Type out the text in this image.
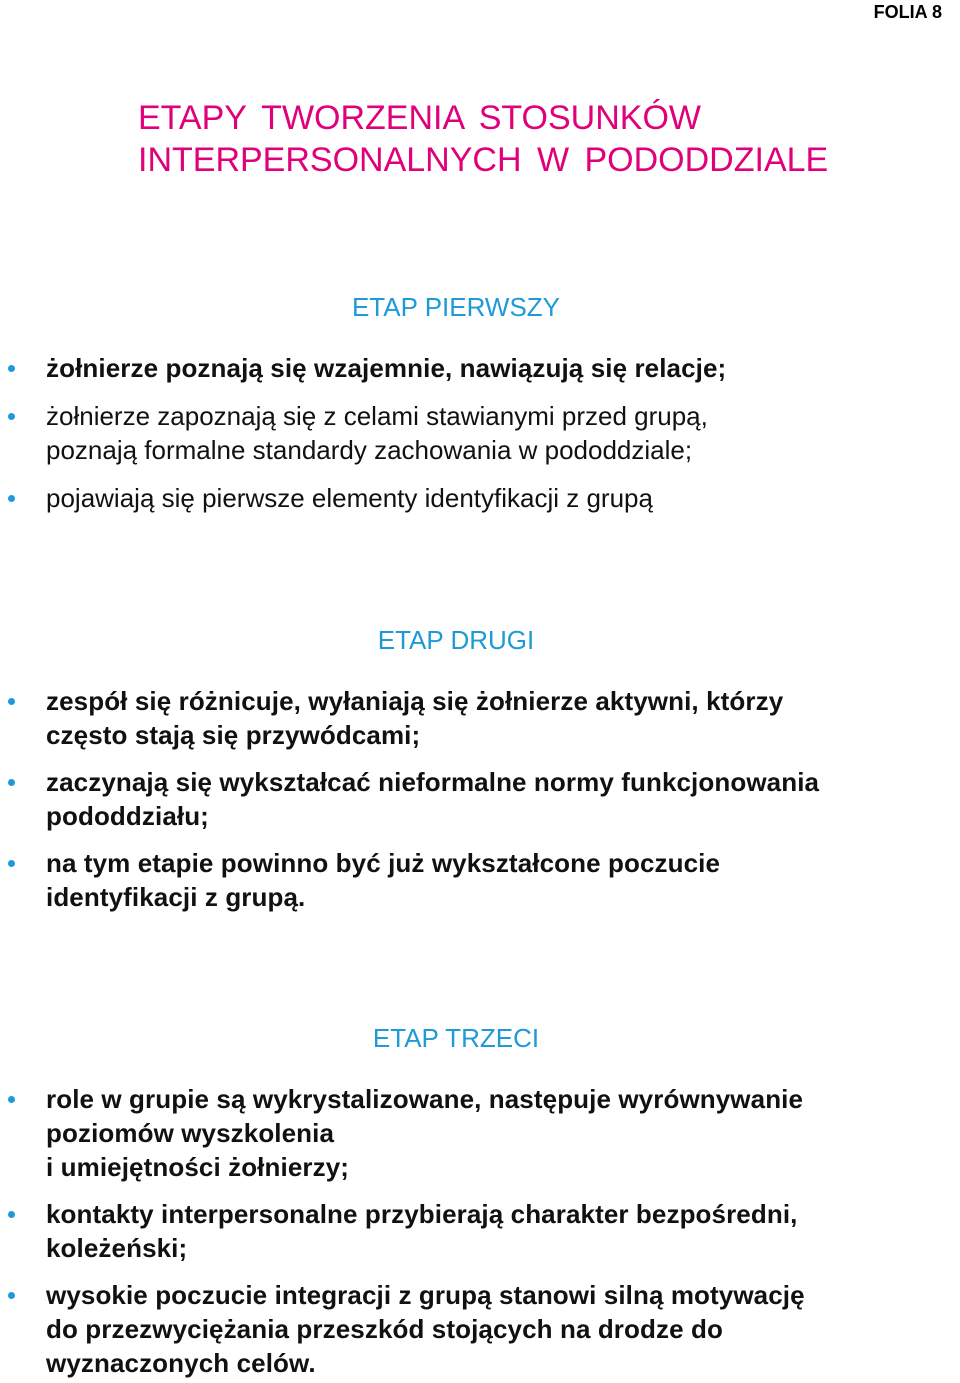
FOLIA 8
ETAPY TWORZENIA STOSUNKÓW
INTERPERSONALNYCH W PODODDZIALE
ETAP PIERWSZY
żołnierze poznają się wzajemnie, nawiązują się relacje;
żołnierze zapoznają się z celami stawianymi przed grupą,
poznają formalne standardy zachowania w pododdziale;
pojawiają się pierwsze elementy identyfikacji z grupą
ETAP DRUGI
zespół się różnicuje, wyłaniają się żołnierze aktywni, którzy
często stają się przywódcami;
zaczynają się wykształcać nieformalne normy funkcjonowania
pododdziału;
na tym etapie powinno być już wykształcone poczucie
identyfikacji z grupą.
ETAP TRZECI
role w grupie są wykrystalizowane, następuje wyrównywanie
poziomów wyszkolenia
i umiejętności żołnierzy;
kontakty interpersonalne przybierają charakter bezpośredni,
koleżeński;
wysokie poczucie integracji z grupą stanowi silną motywację
do przezwyciężania przeszkód stojących na drodze do
wyznaczonych celów.
